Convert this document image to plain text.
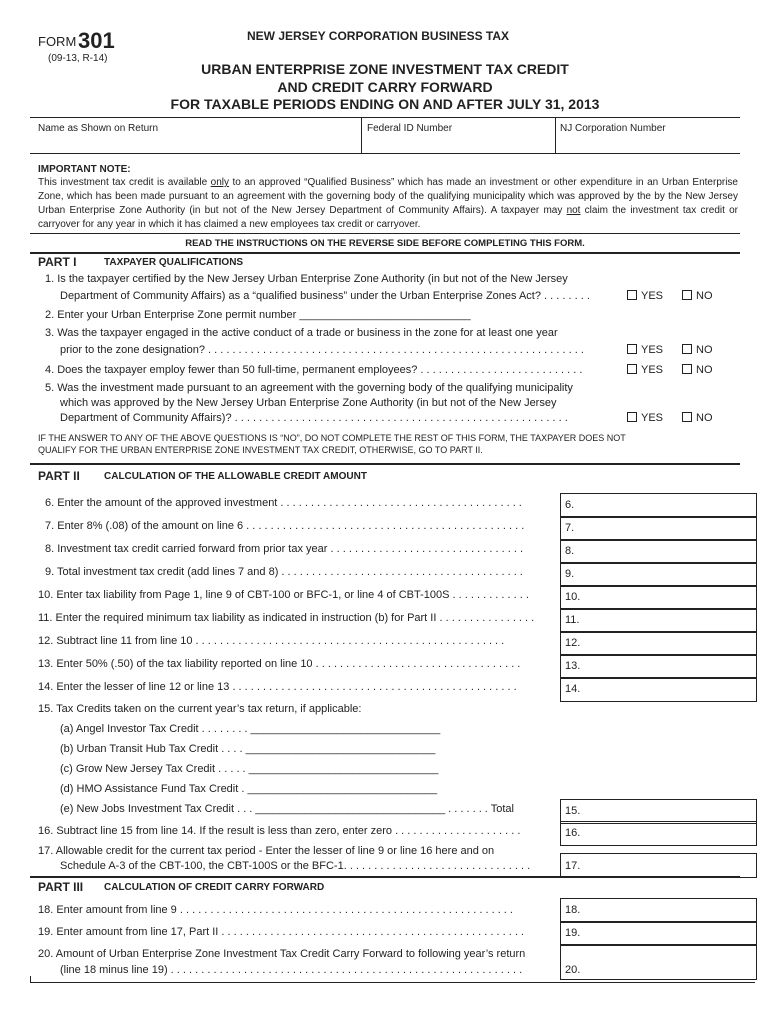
FORM 301
(09-13, R-14)
NEW JERSEY CORPORATION BUSINESS TAX
URBAN ENTERPRISE ZONE INVESTMENT TAX CREDIT
AND CREDIT CARRY FORWARD
FOR TAXABLE PERIODS ENDING ON AND AFTER JULY 31, 2013
Name as Shown on Return	Federal ID Number	NJ Corporation Number
IMPORTANT NOTE:
This investment tax credit is available only to an approved “Qualified Business” which has made an investment or other expenditure in an Urban Enterprise Zone, which has been made pursuant to an agreement with the governing body of the qualifying municipality which was approved by the by the New Jersey Urban Enterprise Zone Authority (in but not of the New Jersey Department of Community Affairs). A taxpayer may not claim the investment tax credit or carryover for any year in which it has claimed a new employees tax credit or carryover.
READ THE INSTRUCTIONS ON THE REVERSE SIDE BEFORE COMPLETING THIS FORM.
PART I	TAXPAYER QUALIFICATIONS
1. Is the taxpayer certified by the New Jersey Urban Enterprise Zone Authority (in but not of the New Jersey
Department of Community Affairs) as a “qualified business” under the Urban Enterprise Zones Act? . . . . . . . .	YES	NO
2. Enter your Urban Enterprise Zone permit number ____________________________
3. Was the taxpayer engaged in the active conduct of a trade or business in the zone for at least one year
prior to the zone designation? . . . . . . . . . . . . . . . . . . . . . . . . . . . . . . . . . . . . . . . . . . . . . . . . . . . . . . . . . . . . . .	YES	NO
4. Does the taxpayer employ fewer than 50 full-time, permanent employees? . . . . . . . . . . . . . . . . . . . . . . . . . . .	YES	NO
5. Was the investment made pursuant to an agreement with the governing body of the qualifying municipality
which was approved by the New Jersey Urban Enterprise Zone Authority (in but not of the New Jersey
Department of Community Affairs)? . . . . . . . . . . . . . . . . . . . . . . . . . . . . . . . . . . . . . . . . . . . . . . . . . . . . . . .	YES	NO
IF THE ANSWER TO ANY OF THE ABOVE QUESTIONS IS “NO”, DO NOT COMPLETE THE REST OF THIS FORM, THE TAXPAYER DOES NOT
QUALIFY FOR THE URBAN ENTERPRISE ZONE INVESTMENT TAX CREDIT, OTHERWISE, GO TO PART II.
PART II CALCULATION OF THE ALLOWABLE CREDIT AMOUNT
6. Enter the amount of the approved investment . . . . . . . . . . . . . . . . . . . . . . . . . . . . . . . . . . . . . . . .	6.
7. Enter 8% (.08) of the amount on line 6 . . . . . . . . . . . . . . . . . . . . . . . . . . . . . . . . . . . . . . . . . . . . . .	7.
8. Investment tax credit carried forward from prior tax year . . . . . . . . . . . . . . . . . . . . . . . . . . . . . . . .	8.
9. Total investment tax credit (add lines 7 and 8) . . . . . . . . . . . . . . . . . . . . . . . . . . . . . . . . . . . . . . . .	9.
10. Enter tax liability from Page 1, line 9 of CBT-100 or BFC-1, or line 4 of CBT-100S . . . . . . . . . . . . .	10.
11. Enter the required minimum tax liability as indicated in instruction (b) for Part II . . . . . . . . . . . . . . . .	11.
12. Subtract line 11 from line 10 . . . . . . . . . . . . . . . . . . . . . . . . . . . . . . . . . . . . . . . . . . . . . . . . . . .	12.
13. Enter 50% (.50) of the tax liability reported on line 10 . . . . . . . . . . . . . . . . . . . . . . . . . . . . . . . . . .	13.
14. Enter the lesser of line 12 or line 13 . . . . . . . . . . . . . . . . . . . . . . . . . . . . . . . . . . . . . . . . . . . . . . .	14.
15. Tax Credits taken on the current year’s tax return, if applicable:
(a) Angel Investor Tax Credit . . . . . . . . _______________________________
(b) Urban Transit Hub Tax Credit . . . . _______________________________
(c) Grow New Jersey Tax Credit . . . . . _______________________________
(d) HMO Assistance Fund Tax Credit . _______________________________
(e) New Jobs Investment Tax Credit . . . _______________________________ . . . . . . . Total	15.
16. Subtract line 15 from line 14. If the result is less than zero, enter zero . . . . . . . . . . . . . . . . . . . . .	16.
17. Allowable credit for the current tax period - Enter the lesser of line 9 or line 16 here and on
Schedule A-3 of the CBT-100, the CBT-100S or the BFC-1. . . . . . . . . . . . . . . . . . . . . . . . . . . . . . .	17.
PART III CALCULATION OF CREDIT CARRY FORWARD
18. Enter amount from line 9 . . . . . . . . . . . . . . . . . . . . . . . . . . . . . . . . . . . . . . . . . . . . . . . . . . . . . . .	18.
19. Enter amount from line 17, Part II . . . . . . . . . . . . . . . . . . . . . . . . . . . . . . . . . . . . . . . . . . . . . . . . . .	19.
20. Amount of Urban Enterprise Zone Investment Tax Credit Carry Forward to following year’s return
(line 18 minus line 19) . . . . . . . . . . . . . . . . . . . . . . . . . . . . . . . . . . . . . . . . . . . . . . . . . . . . . . . . . .	20.
